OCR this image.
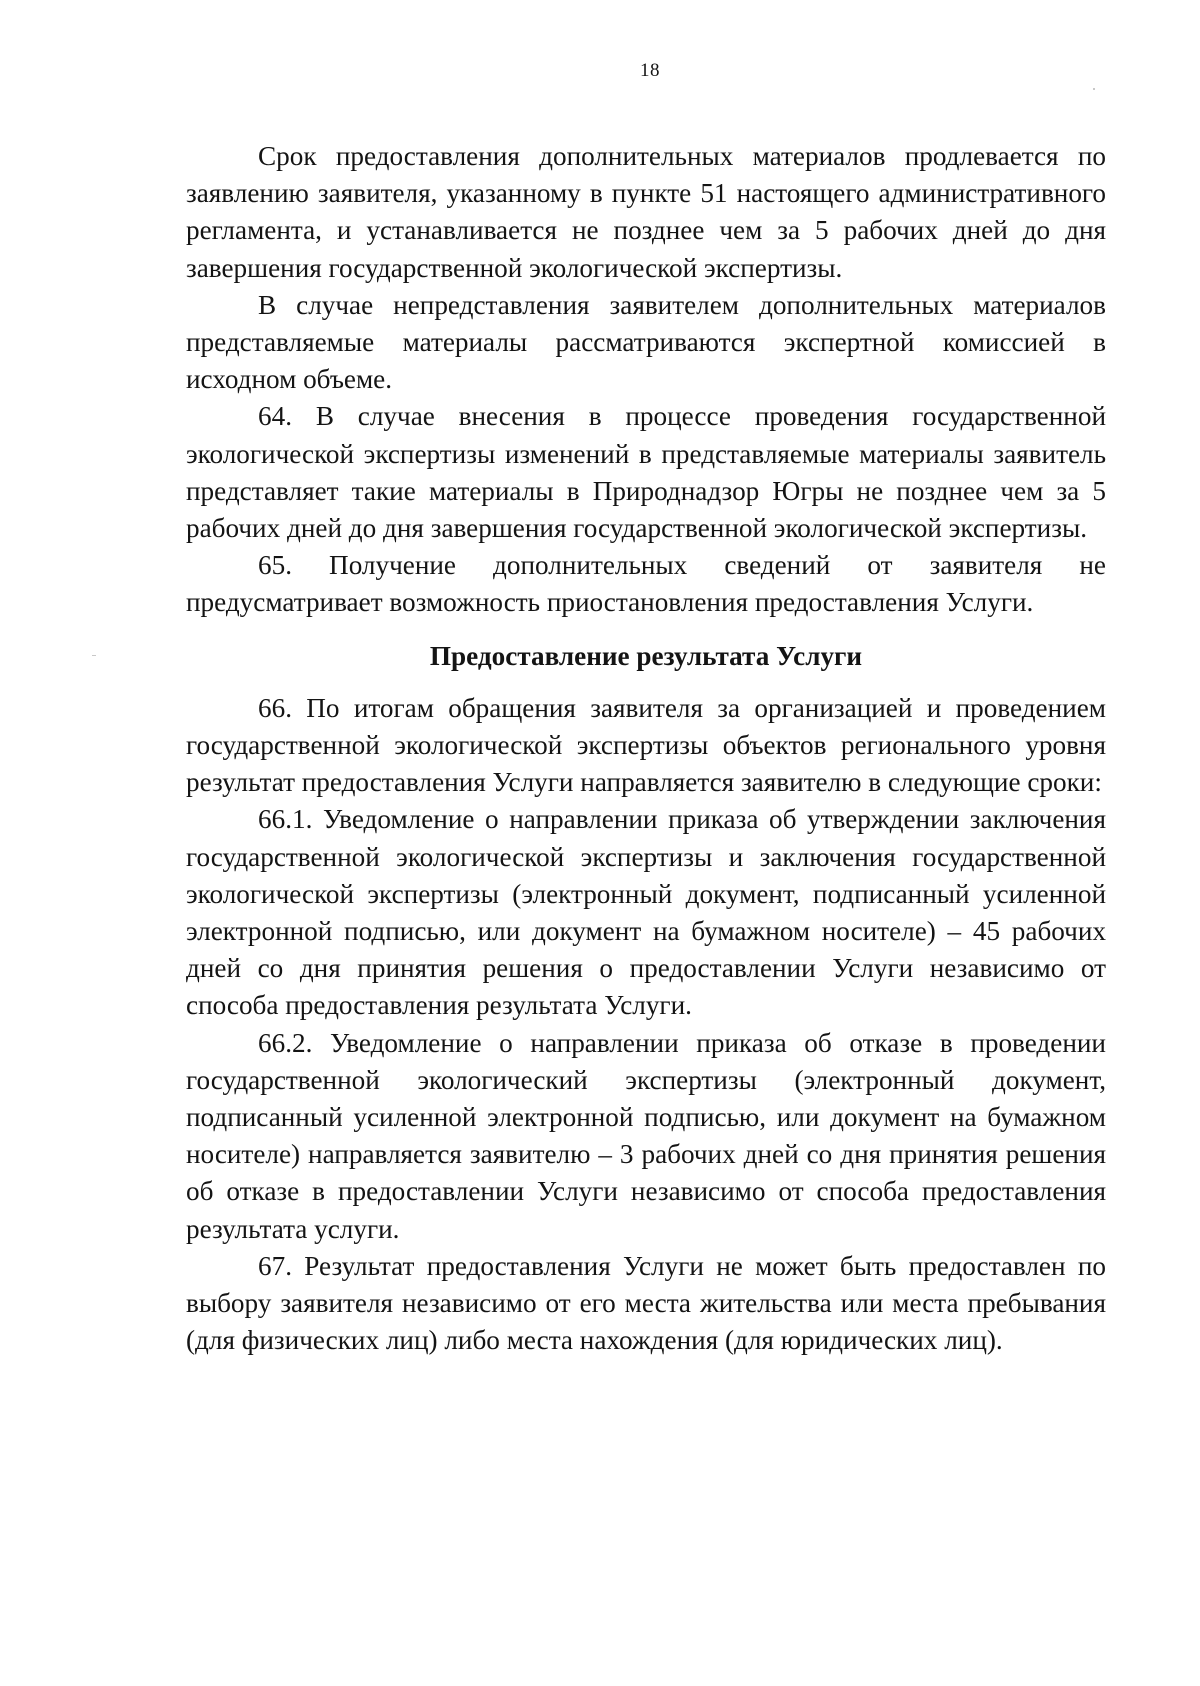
18

Срок предоставления дополнительных материалов продлевается по заявлению заявителя, указанному в пункте 51 настоящего административного регламента, и устанавливается не позднее чем за 5 рабочих дней до дня завершения государственной экологической экспертизы.

В случае непредставления заявителем дополнительных материалов представляемые материалы рассматриваются экспертной комиссией в исходном объеме.

64. В случае внесения в процессе проведения государственной экологической экспертизы изменений в представляемые материалы заявитель представляет такие материалы в Природнадзор Югры не позднее чем за 5 рабочих дней до дня завершения государственной экологической экспертизы.

65. Получение дополнительных сведений от заявителя не предусматривает возможность приостановления предоставления Услуги.

Предоставление результата Услуги

66. По итогам обращения заявителя за организацией и проведением государственной экологической экспертизы объектов регионального уровня результат предоставления Услуги направляется заявителю в следующие сроки:

66.1. Уведомление о направлении приказа об утверждении заключения государственной экологической экспертизы и заключения государственной экологической экспертизы (электронный документ, подписанный усиленной электронной подписью, или документ на бумажном носителе) – 45 рабочих дней со дня принятия решения о предоставлении Услуги независимо от способа предоставления результата Услуги.

66.2. Уведомление о направлении приказа об отказе в проведении государственной экологический экспертизы (электронный документ, подписанный усиленной электронной подписью, или документ на бумажном носителе) направляется заявителю – 3 рабочих дней со дня принятия решения об отказе в предоставлении Услуги независимо от способа предоставления результата услуги.

67. Результат предоставления Услуги не может быть предоставлен по выбору заявителя независимо от его места жительства или места пребывания (для физических лиц) либо места нахождения (для юридических лиц).
